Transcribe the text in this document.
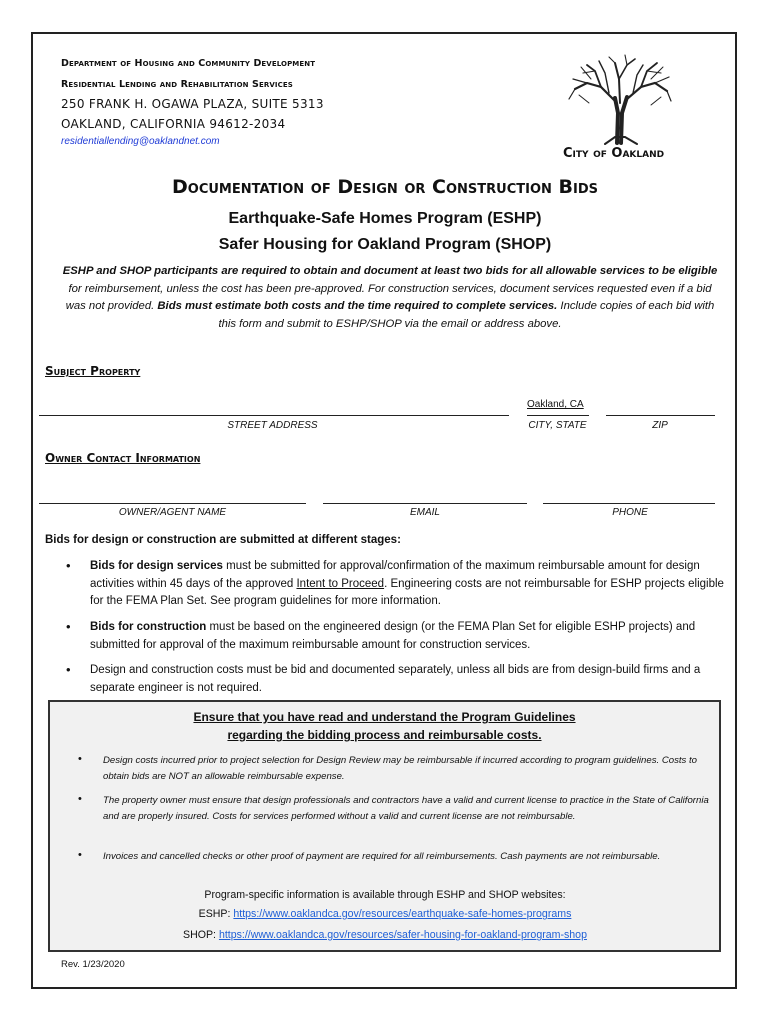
Department of Housing and Community Development
Residential Lending and Rehabilitation Services
250 FRANK H. OGAWA PLAZA, SUITE 5313
OAKLAND, CALIFORNIA 94612-2034
residentiallending@oaklandnet.com
City of Oakland
Documentation of Design or Construction Bids
Earthquake-Safe Homes Program (ESHP)
Safer Housing for Oakland Program (SHOP)
ESHP and SHOP participants are required to obtain and document at least two bids for all allowable services to be eligible for reimbursement, unless the cost has been pre-approved. For construction services, document services requested even if a bid was not provided. Bids must estimate both costs and the time required to complete services. Include copies of each bid with this form and submit to ESHP/SHOP via the email or address above.
Subject Property
Oakland, CA
STREET ADDRESS	CITY, STATE	ZIP
Owner Contact Information
OWNER/AGENT NAME	EMAIL	PHONE
Bids for design or construction are submitted at different stages:
• Bids for design services must be submitted for approval/confirmation of the maximum reimbursable amount for design activities within 45 days of the approved Intent to Proceed. Engineering costs are not reimbursable for ESHP projects eligible for the FEMA Plan Set. See program guidelines for more information.
• Bids for construction must be based on the engineered design (or the FEMA Plan Set for eligible ESHP projects) and submitted for approval of the maximum reimbursable amount for construction services.
• Design and construction costs must be bid and documented separately, unless all bids are from design-build firms and a separate engineer is not required.
Ensure that you have read and understand the Program Guidelines
regarding the bidding process and reimbursable costs.
• Design costs incurred prior to project selection for Design Review may be reimbursable if incurred according to program guidelines. Costs to obtain bids are NOT an allowable reimbursable expense.
• The property owner must ensure that design professionals and contractors have a valid and current license to practice in the State of California and are properly insured. Costs for services performed without a valid and current license are not reimbursable.
• Invoices and cancelled checks or other proof of payment are required for all reimbursements. Cash payments are not reimbursable.
Program-specific information is available through ESHP and SHOP websites:
ESHP: https://www.oaklandca.gov/resources/earthquake-safe-homes-programs
SHOP: https://www.oaklandca.gov/resources/safer-housing-for-oakland-program-shop
Rev. 1/23/2020
